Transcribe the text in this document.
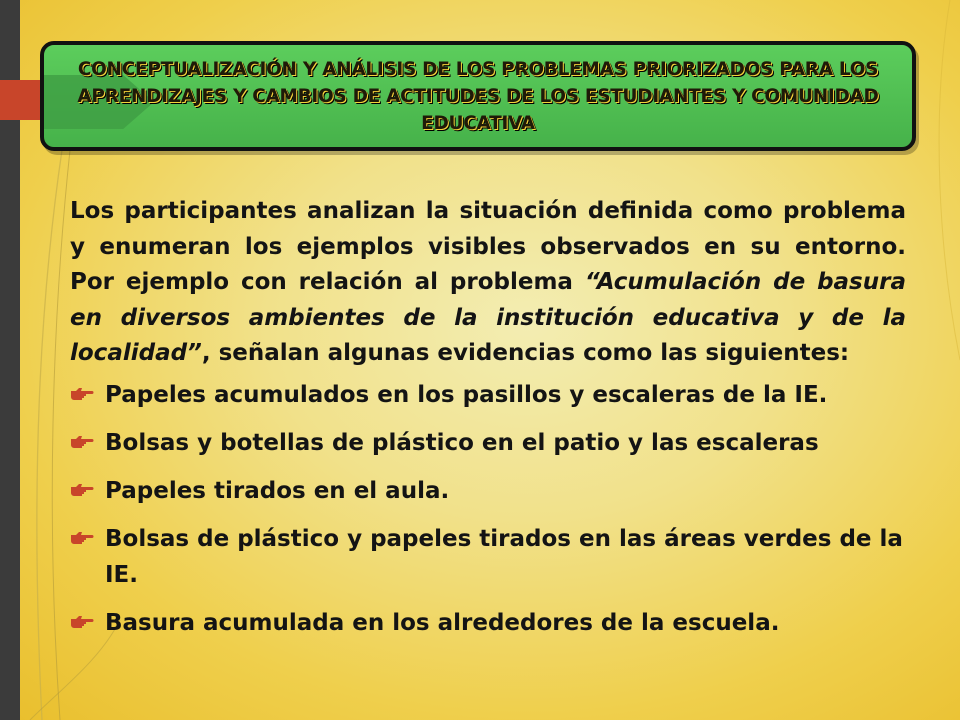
CONCEPTUALIZACIÓN Y ANÁLISIS DE LOS PROBLEMAS PRIORIZADOS PARA LOS APRENDIZAJES Y CAMBIOS DE ACTITUDES DE LOS ESTUDIANTES Y COMUNIDAD EDUCATIVA

Los participantes analizan la situación definida como problema y enumeran los ejemplos visibles observados en su entorno. Por ejemplo con relación al problema “Acumulación de basura en diversos ambientes de la institución educativa y de la localidad”, señalan algunas evidencias como las siguientes:

Papeles acumulados en los pasillos y escaleras de la IE.
Bolsas y botellas de plástico en el patio y las escaleras
Papeles tirados en el aula.
Bolsas de plástico y papeles tirados en las áreas verdes de la IE.
Basura acumulada en los alrededores de la escuela.
